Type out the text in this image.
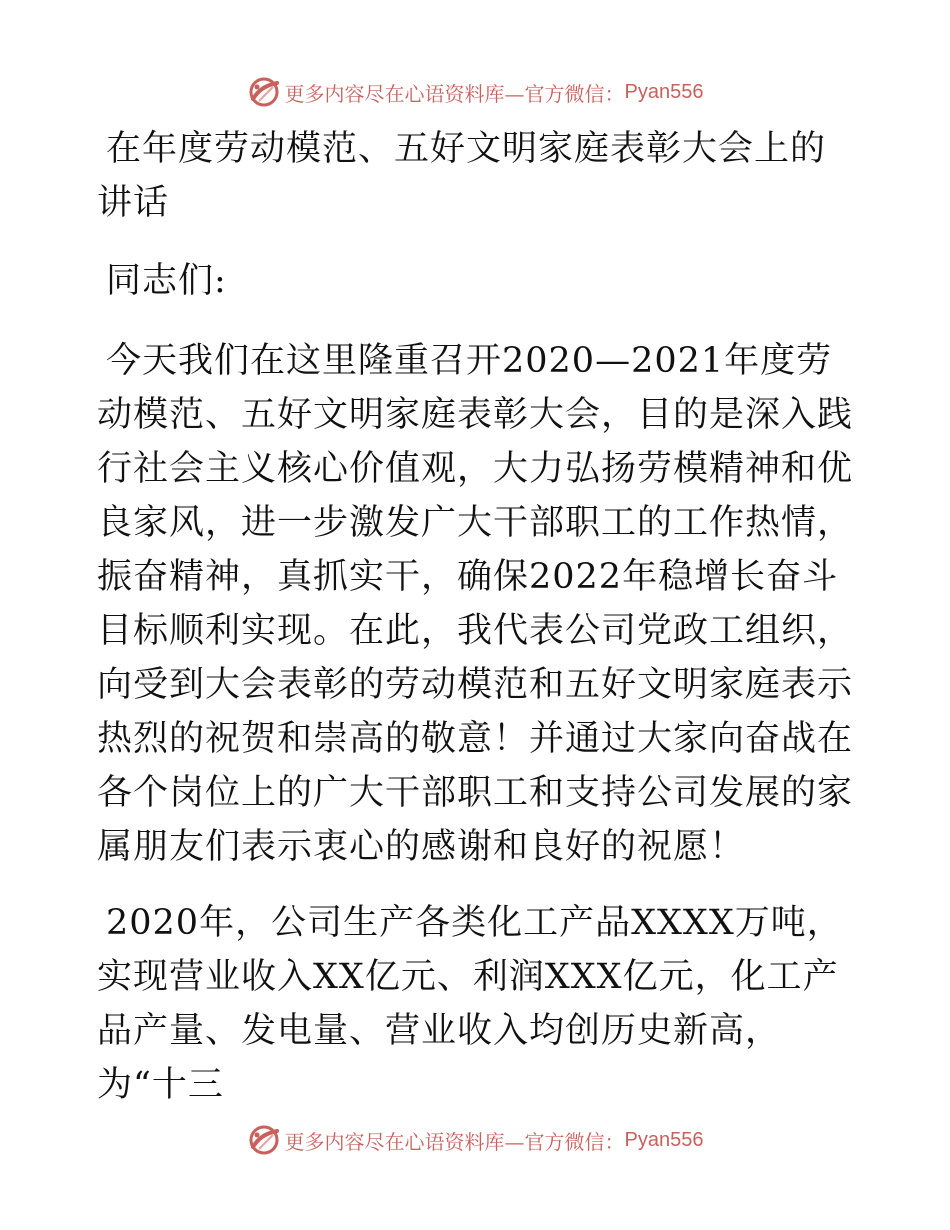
更多内容尽在心语资料库—官方微信： Pyan556

在年度劳动模范、五好文明家庭表彰大会上的讲话

同志们:

今天我们在这里隆重召开2020—2021年度劳动模范、五好文明家庭表彰大会，目的是深入践行社会主义核心价值观，大力弘扬劳模精神和优良家风，进一步激发广大干部职工的工作热情，振奋精神，真抓实干，确保2022年稳增长奋斗目标顺利实现。在此，我代表公司党政工组织，向受到大会表彰的劳动模范和五好文明家庭表示热烈的祝贺和崇高的敬意！并通过大家向奋战在各个岗位上的广大干部职工和支持公司发展的家属朋友们表示衷心的感谢和良好的祝愿！

2020年，公司生产各类化工产品XXXX万吨，实现营业收入XX亿元、利润XXX亿元，化工产品产量、发电量、营业收入均创历史新高，为“十三

更多内容尽在心语资料库—官方微信： Pyan556
